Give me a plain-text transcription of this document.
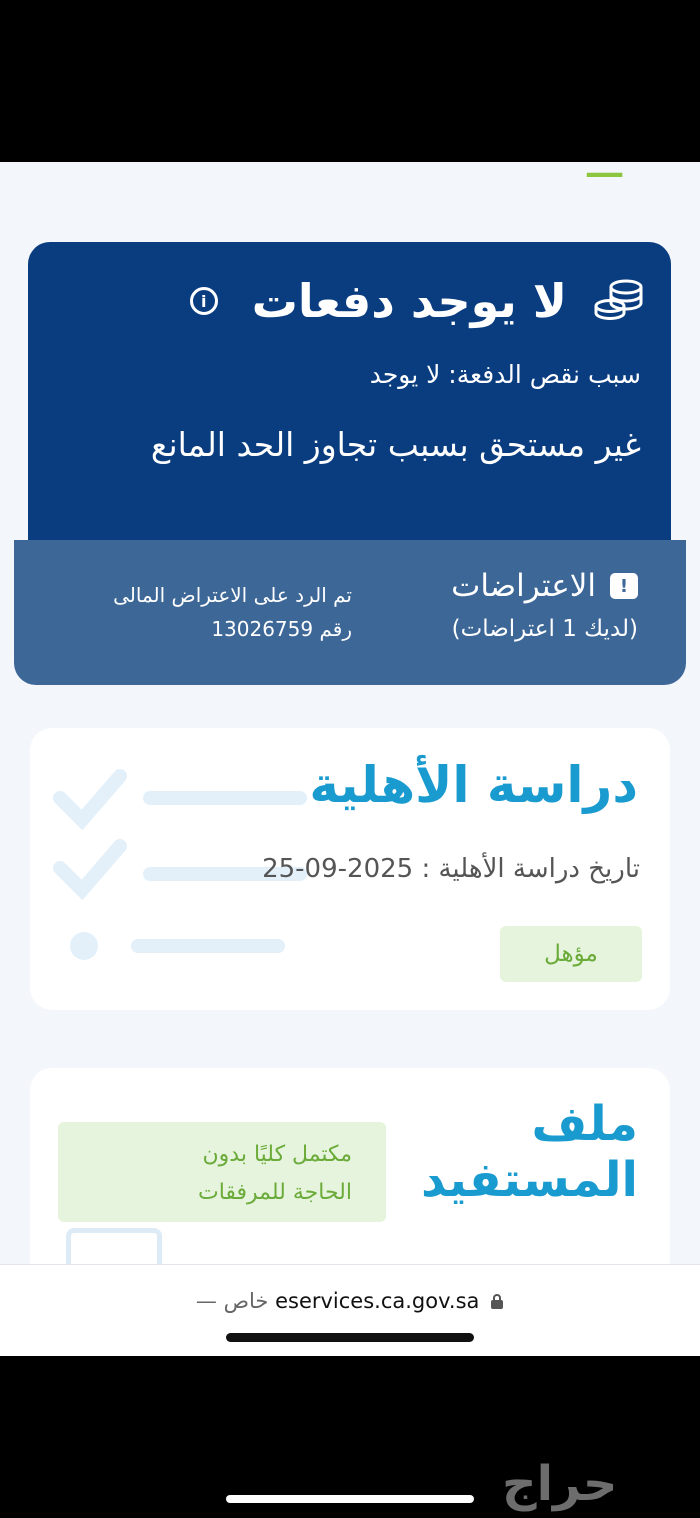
ـــ
لا يوجد دفعات
i
سبب نقص الدفعة: لا يوجد
غير مستحق بسبب تجاوز الحد المانع
!
الاعتراضات
(لديك 1 اعتراضات)
تم الرد على الاعتراض المالى
رقم 13026759
دراسة الأهلية
تاريخ دراسة الأهلية : 2025-09-25
مؤهل
ملف المستفيد
مكتمل كليًا بدون
الحاجة للمرفقات
— خاص eservices.ca.gov.sa
حراج
